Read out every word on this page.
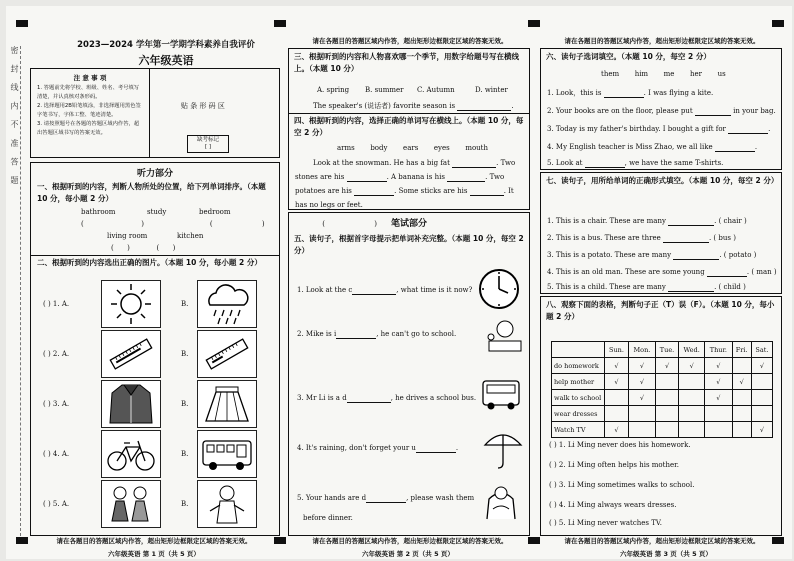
密 封 线 内 不 准 答 题
2023—2024 学年第一学期学科素养自我评价
六年级英语
注 意 事 项
1. 答题前先将学校、班级、姓名、考号填写清楚，并认真核对条形码。
2. 选择题用2B铅笔填涂，非选择题用黑色签字笔书写，字体工整、笔迹清楚。
3. 请按照题号在各题的答题区域内作答，超出答题区域书写的答案无效。
贴 条 形 码 区
缺考标记
[ ]
听力部分
一、根据听到的内容，判断人物所处的位置，给下列单词排序。（本题 10 分，每小题 2 分）
bathroom	study	bedroom
(       )        (      )       (      )
living room	kitchen
(      )            (      )
二、根据听到的内容选出正确的图片。（本题 10 分，每小题 2 分）
( ) 1. A.	B.
( ) 2. A.	B.
( ) 3. A.	B.
( ) 4. A.	B.
( ) 5. A.	B.
请在各题目的答题区域内作答，超出矩形边框限定区域的答案无效。
六年级英语 第 1 页（共 5 页）
请在各题目的答题区域内作答，超出矩形边框限定区域的答案无效。
三、根据听到的内容和人物喜欢哪一个季节，用数字给题号写在横线上。（本题 10 分）
A. spring B. summer C. Autumn	D. winter
The speaker's (说话者) favorite season is	.
四、根据听到的内容，选择正确的单词写在横线上。（本题 10 分，每空 2 分）
arms body ears eyes mouth
Look at the snowman. He has a big fat	. Two
stones are his	. A banana is his	. Two
potatoes are his	. Some sticks are his	. It
has no legs or feet.
笔试部分
五、读句子，根据首字母提示把单词补充完整。（本题 10 分，每空 2 分）
1. Look at the c	, what time is it now?
2. Mike is i	, he can't go to school.
3. Mr Li is a d	, he drives a school bus.
4. It's raining, don't forget your u	.
5. Your hands are d	, please wash them
before dinner.
请在各题目的答题区域内作答，超出矩形边框限定区域的答案无效。
六年级英语 第 2 页（共 5 页）
请在各题目的答题区域内作答，超出矩形边框限定区域的答案无效。
六、读句子选词填空。（本题 10 分，每空 2 分）
them him me her us
1. Look，this is	. I was flying a kite.
2. Your books are on the floor, please put	in your bag.
3. Today is my father's birthday. I bought a gift for	.
4. My English teacher is Miss Zhao, we all like	.
5. Look at	, we have the same T-shirts.
七、读句子，用所给单词的正确形式填空。（本题 10 分，每空 2 分）
1. This is a chair. These are many	. ( chair )
2. This is a bus. These are three	. ( bus )
3. This is a potato. These are many	. ( potato )
4. This is an old man. These are some young	. ( man )
5. This is a child. These are many	. ( child )
八、观察下面的表格，判断句子正（T）误（F）。（本题 10 分，每小题 2 分）
	Sun.	Mon.	Tue.	Wed.	Thur.	Fri.	Sat.
do homework	√	√	√	√	√		√
help mother	√	√			√	√	
walk to school		√			√		
wear dresses							
Watch TV	√						√
( ) 1. Li Ming never does his homework.
( ) 2. Li Ming often helps his mother.
( ) 3. Li Ming sometimes walks to school.
( ) 4. Li Ming always wears dresses.
( ) 5. Li Ming never watches TV.
请在各题目的答题区域内作答，超出矩形边框限定区域的答案无效。
六年级英语 第 3 页（共 5 页）
